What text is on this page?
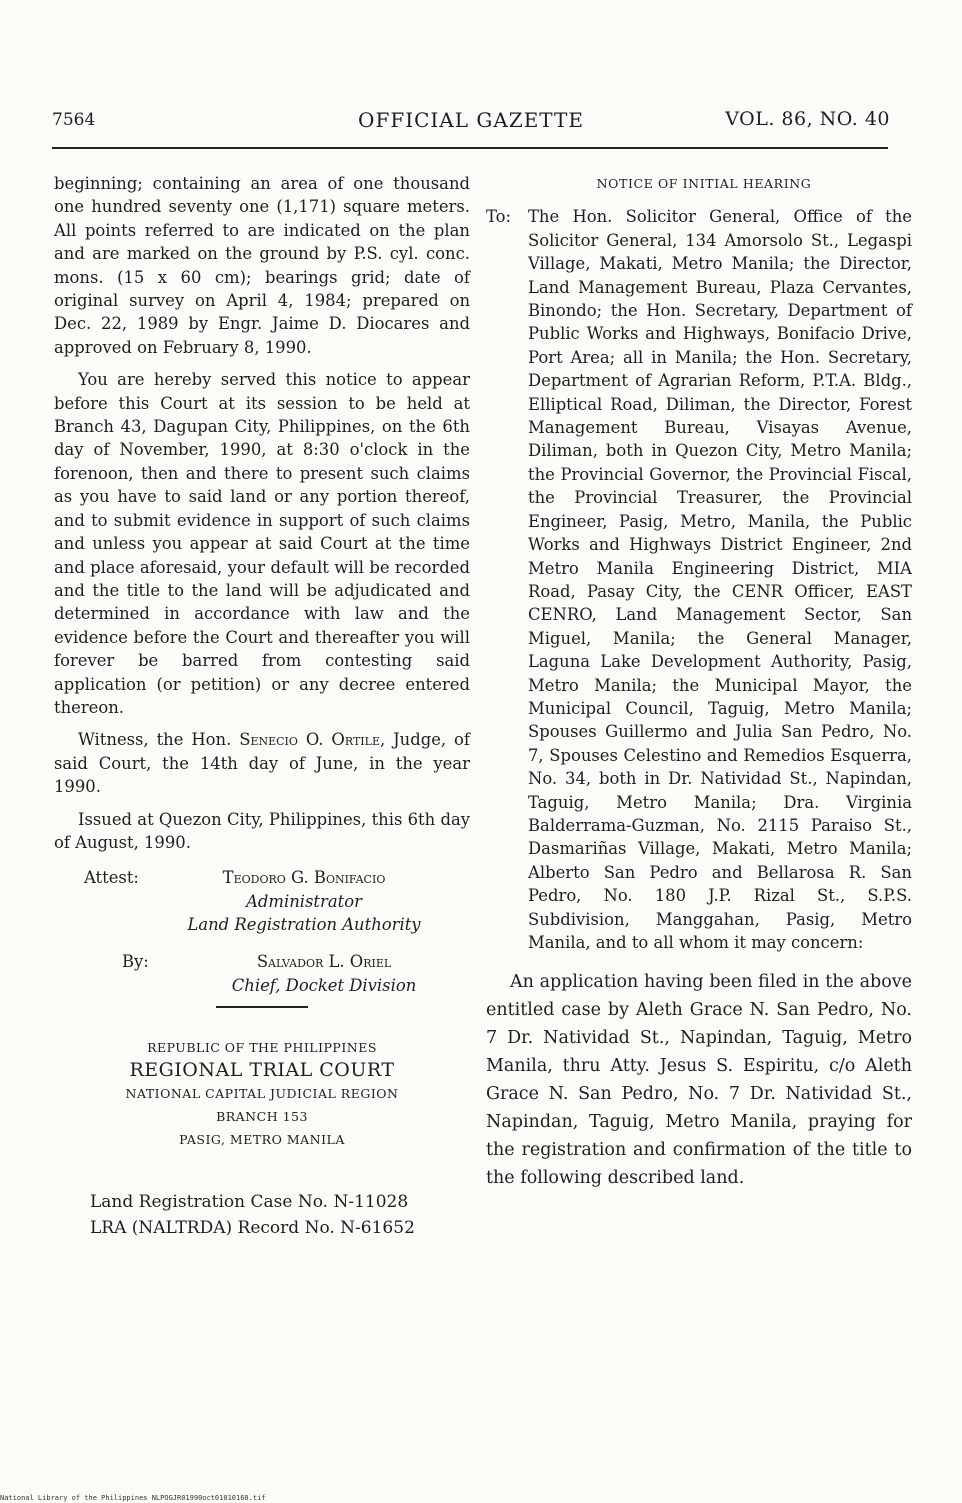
7564	OFFICIAL GAZETTE	VOL. 86, NO. 40

beginning; containing an area of one thousand one hundred seventy one (1,171) square meters. All points referred to are indicated on the plan and are marked on the ground by P.S. cyl. conc. mons. (15 x 60 cm); bearings grid; date of original survey on April 4, 1984; prepared on Dec. 22, 1989 by Engr. Jaime D. Diocares and approved on February 8, 1990.

You are hereby served this notice to appear before this Court at its session to be held at Branch 43, Dagupan City, Philippines, on the 6th day of November, 1990, at 8:30 o'clock in the forenoon, then and there to present such claims as you have to said land or any portion thereof, and to submit evidence in support of such claims and unless you appear at said Court at the time and place aforesaid, your default will be recorded and the title to the land will be adjudicated and determined in accordance with law and the evidence before the Court and thereafter you will forever be barred from contesting said application (or petition) or any decree entered thereon.

Witness, the Hon. Senecio O. Ortile, Judge, of said Court, the 14th day of June, in the year 1990.

Issued at Quezon City, Philippines, this 6th day of August, 1990.

Attest:	Teodoro G. Bonifacio
Administrator
Land Registration Authority
By:	Salvador L. Oriel
Chief, Docket Division
REPUBLIC OF THE PHILIPPINES
REGIONAL TRIAL COURT
NATIONAL CAPITAL JUDICIAL REGION
BRANCH 153
PASIG, METRO MANILA
Land Registration Case No. N-11028
LRA (NALTRDA) Record No. N-61652
NOTICE OF INITIAL HEARING
To:	The Hon. Solicitor General, Office of the Solicitor General, 134 Amorsolo St., Legaspi Village, Makati, Metro Manila; the Director, Land Management Bureau, Plaza Cervantes, Binondo; the Hon. Secretary, Department of Public Works and Highways, Bonifacio Drive, Port Area; all in Manila; the Hon. Secretary, Department of Agrarian Reform, P.T.A. Bldg., Elliptical Road, Diliman, the Director, Forest Management Bureau, Visayas Avenue, Diliman, both in Quezon City, Metro Manila; the Provincial Governor, the Provincial Fiscal, the Provincial Treasurer, the Provincial Engineer, Pasig, Metro, Manila, the Public Works and Highways District Engineer, 2nd Metro Manila Engineering District, MIA Road, Pasay City, the CENR Officer, EAST CENRO, Land Management Sector, San Miguel, Manila; the General Manager, Laguna Lake Development Authority, Pasig, Metro Manila; the Municipal Mayor, the Municipal Council, Taguig, Metro Manila; Spouses Guillermo and Julia San Pedro, No. 7, Spouses Celestino and Remedios Esquerra, No. 34, both in Dr. Natividad St., Napindan, Taguig, Metro Manila; Dra. Virginia Balderrama-Guzman, No. 2115 Paraiso St., Dasmariñas Village, Makati, Metro Manila; Alberto San Pedro and Bellarosa R. San Pedro, No. 180 J.P. Rizal St., S.P.S. Subdivision, Manggahan, Pasig, Metro Manila, and to all whom it may concern:

An application having been filed in the above entitled case by Aleth Grace N. San Pedro, No. 7 Dr. Natividad St., Napindan, Taguig, Metro Manila, thru Atty. Jesus S. Espiritu, c/o Aleth Grace N. San Pedro, No. 7 Dr. Natividad St., Napindan, Taguig, Metro Manila, praying for the registration and confirmation of the title to the following described land.

National Library of the Philippines NLPOGJR01990oct01010168.tif
